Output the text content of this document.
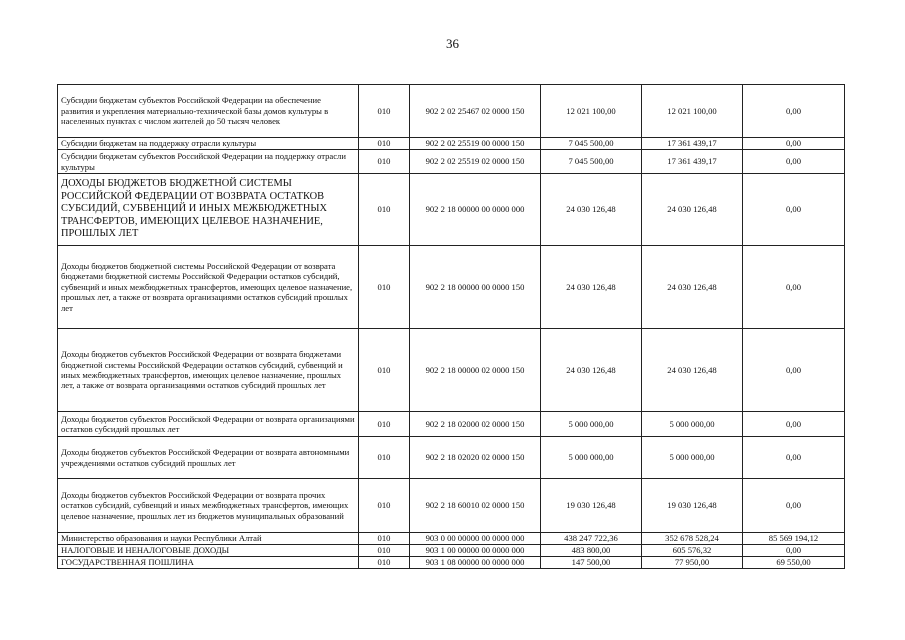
36
Субсидии бюджетам субъектов Российской Федерации на обеспечение развития и укрепления материально-технической базы домов культуры в населенных пунктах с числом жителей до 50 тысяч человек	010	902 2 02 25467 02 0000 150	12 021 100,00	12 021 100,00	0,00
Субсидии бюджетам на поддержку отрасли культуры	010	902 2 02 25519 00 0000 150	7 045 500,00	17 361 439,17	0,00
Субсидии бюджетам субъектов Российской Федерации на поддержку отрасли культуры	010	902 2 02 25519 02 0000 150	7 045 500,00	17 361 439,17	0,00
ДОХОДЫ БЮДЖЕТОВ БЮДЖЕТНОЙ СИСТЕМЫ РОССИЙСКОЙ ФЕДЕРАЦИИ ОТ ВОЗВРАТА ОСТАТКОВ СУБСИДИЙ, СУБВЕНЦИЙ И ИНЫХ МЕЖБЮДЖЕТНЫХ ТРАНСФЕРТОВ, ИМЕЮЩИХ ЦЕЛЕВОЕ НАЗНАЧЕНИЕ, ПРОШЛЫХ ЛЕТ	010	902 2 18 00000 00 0000 000	24 030 126,48	24 030 126,48	0,00
Доходы бюджетов бюджетной системы Российской Федерации от возврата бюджетами бюджетной системы Российской Федерации остатков субсидий, субвенций и иных межбюджетных трансфертов, имеющих целевое назначение, прошлых лет, а также от возврата организациями остатков субсидий прошлых лет	010	902 2 18 00000 00 0000 150	24 030 126,48	24 030 126,48	0,00
Доходы бюджетов субъектов Российской Федерации от возврата бюджетами бюджетной системы Российской Федерации остатков субсидий, субвенций и иных межбюджетных трансфертов, имеющих целевое назначение, прошлых лет, а также от возврата организациями остатков субсидий прошлых лет	010	902 2 18 00000 02 0000 150	24 030 126,48	24 030 126,48	0,00
Доходы бюджетов субъектов Российской Федерации от возврата организациями остатков субсидий прошлых лет	010	902 2 18 02000 02 0000 150	5 000 000,00	5 000 000,00	0,00
Доходы бюджетов субъектов Российской Федерации от возврата автономными учреждениями остатков субсидий прошлых лет	010	902 2 18 02020 02 0000 150	5 000 000,00	5 000 000,00	0,00
Доходы бюджетов субъектов Российской Федерации от возврата прочих остатков субсидий, субвенций и иных межбюджетных трансфертов, имеющих целевое назначение, прошлых лет из бюджетов муниципальных образований	010	902 2 18 60010 02 0000 150	19 030 126,48	19 030 126,48	0,00
Министерство образования и науки Республики Алтай	010	903 0 00 00000 00 0000 000	438 247 722,36	352 678 528,24	85 569 194,12
НАЛОГОВЫЕ И НЕНАЛОГОВЫЕ ДОХОДЫ	010	903 1 00 00000 00 0000 000	483 800,00	605 576,32	0,00
ГОСУДАРСТВЕННАЯ ПОШЛИНА	010	903 1 08 00000 00 0000 000	147 500,00	77 950,00	69 550,00
